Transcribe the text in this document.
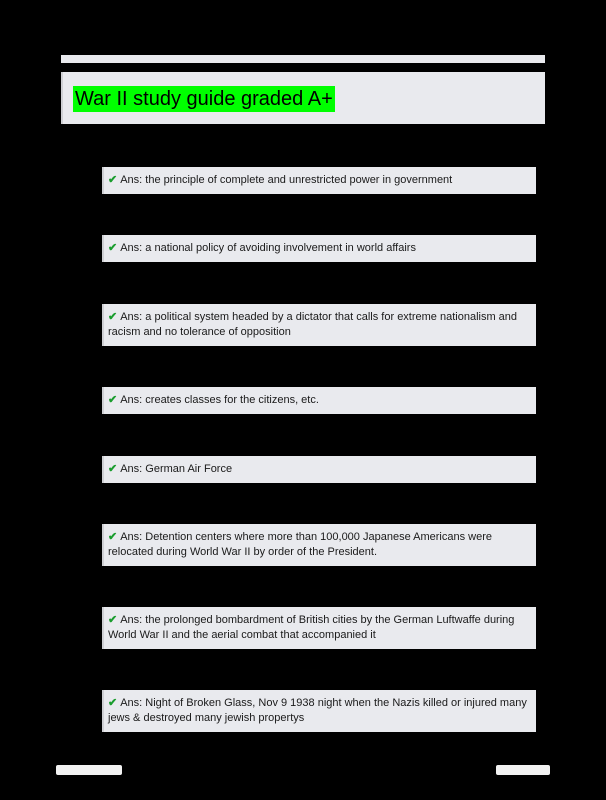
War II study guide graded A+
✔ Ans: the principle of complete and unrestricted power in government
✔ Ans: a national policy of avoiding involvement in world affairs
✔ Ans: a political system headed by a dictator that calls for extreme nationalism and racism and no tolerance of opposition
✔ Ans: creates classes for the citizens, etc.
✔ Ans: German Air Force
✔ Ans: Detention centers where more than 100,000 Japanese Americans were relocated during World War II by order of the President.
✔ Ans: the prolonged bombardment of British cities by the German Luftwaffe during World War II and the aerial combat that accompanied it
✔ Ans: Night of Broken Glass, Nov 9 1938 night when the Nazis killed or injured many jews & destroyed many jewish propertys
